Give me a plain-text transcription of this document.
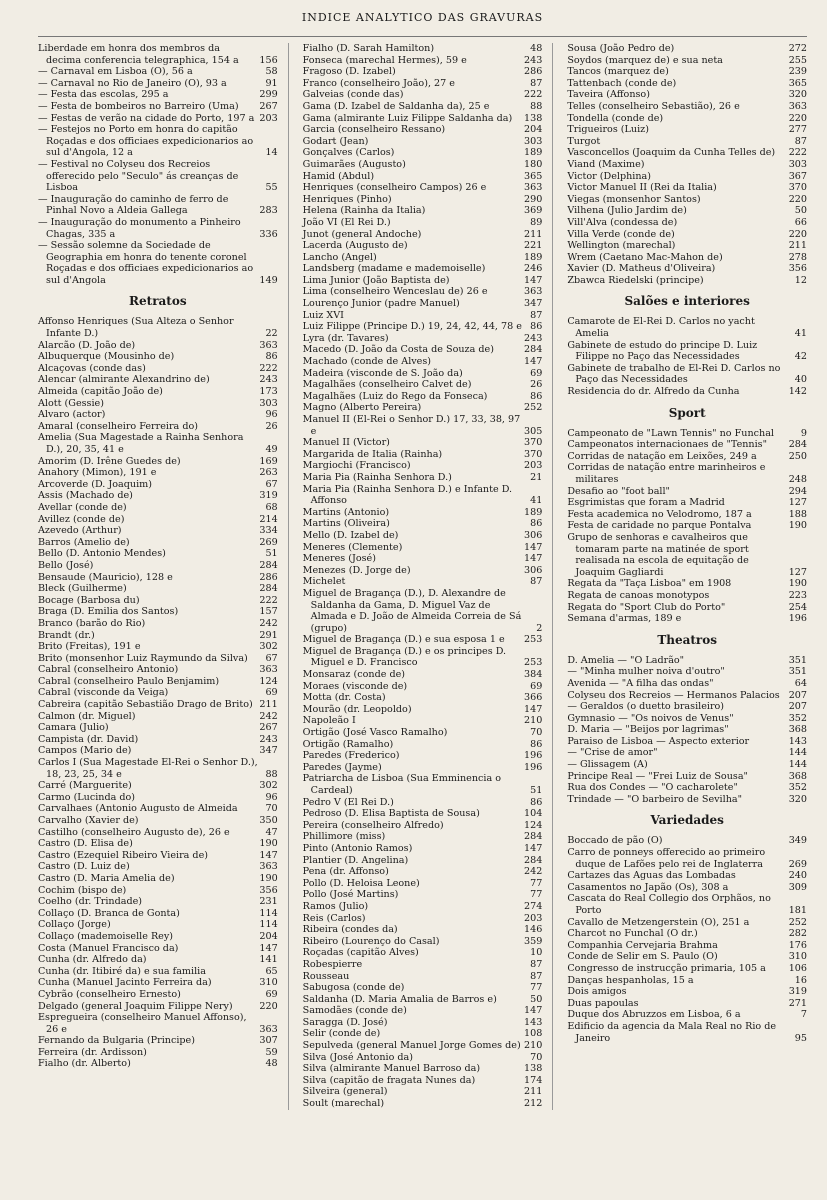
INDICE ANALYTICO DAS GRAVURAS
Liberdade em honra dos membros da decima conferencia telegraphica, 154 a 156
— Carnaval em Lisboa (O), 56 a	58
— Carnaval no Rio de Janeiro (O), 93 a	91
— Festa das escolas, 295 a	299
— Festa de bombeiros no Barreiro (Uma) 267
— Festas de verão na cidade do Porto, 197 a 203
— Festejos no Porto em honra do capitão Roçadas e dos officiaes expedicionarios ao sul d'Angola, 12 a	14
— Festival no Colyseu dos Recreios offerecido pelo "Seculo" ás creanças de Lisboa	55
— Inauguração do caminho de ferro de Pinhal Novo a Aldeia Gallega	283
— Inauguração do monumento a Pinheiro Chagas, 335 a	336
— Sessão solemne da Sociedade de Geographia em honra do tenente coronel Roçadas e dos officiaes expedicionarios ao sul d'Angola	149
Retratos
Affonso Henriques (Sua Alteza o Senhor Infante D.)	22
Alarcão (D. João de)	363
Albuquerque (Mousinho de)	86
Alcaçovas (conde das)	222
Alencar (almirante Alexandrino de)	243
Almeida (capitão João de)	173
Alott (Gessie)	303
Alvaro (actor)	96
Amaral (conselheiro Ferreira do)	26
Amelia (Sua Magestade a Rainha Senhora D.), 20, 35, 41 e	49
Amorim (D. Irêne Guedes de)	169
Anahory (Mimon), 191 e	263
Arcoverde (D. Joaquim)	67
Assis (Machado de)	319
Avellar (conde de)	68
Avillez (conde de)	214
Azevedo (Arthur)	334
Barros (Amelio de)	269
Bello (D. Antonio Mendes)	51
Bello (José)	284
Bensaude (Mauricio), 128 e	286
Bleck (Guilherme)	284
Bocage (Barbosa du)	222
Braga (D. Emilia dos Santos)	157
Branco (barão do Rio)	242
Brandt (dr.)	291
Brito (Freitas), 191 e	302
Brito (monsenhor Luiz Raymundo da Silva) 67
Cabral (conselheiro Antonio)	363
Cabral (conselheiro Paulo Benjamim)	124
Cabral (visconde da Veiga)	69
Cabreira (capitão Sebastião Drago de Brito) 211
Calmon (dr. Miguel)	242
Camara (Julio)	267
Campista (dr. David)	243
Campos (Mario de)	347
Carlos I (Sua Magestade El-Rei o Senhor D.), 18, 23, 25, 34 e	88
Carré (Marguerite)	302
Carmo (Lucinda do)	96
Carvalhaes (Antonio Augusto de Almeida	70
Carvalho (Xavier de)	350
Castilho (conselheiro Augusto de), 26 e	47
Castro (D. Elisa de)	190
Castro (Ezequiel Ribeiro Vieira de)	147
Castro (D. Luiz de)	363
Castro (D. Maria Amelia de)	190
Cochim (bispo de)	356
Coelho (dr. Trindade)	231
Collaço (D. Branca de Gonta)	114
Collaço (Jorge)	114
Collaço (mademoiselle Rey)	204
Costa (Manuel Francisco da)	147
Cunha (dr. Alfredo da)	141
Cunha (dr. Itibiré da) e sua familia	65
Cunha (Manuel Jacinto Ferreira da)	310
Cybrão (conselheiro Ernesto)	69
Delgado (general Joaquim Filippe Nery)	220
Espregueira (conselheiro Manuel Affonso), 26 e	363
Fernando da Bulgaria (Principe)	307
Ferreira (dr. Ardisson)	59
Fialho (dr. Alberto)	48
Fialho (D. Sarah Hamilton)	48
Fonseca (marechal Hermes), 59 e	243
Fragoso (D. Izabel)	286
Franco (conselheiro João), 27 e	87
Galveias (conde das)	222
Gama (D. Izabel de Saldanha da), 25 e	88
Gama (almirante Luiz Filippe Saldanha da) 138
Garcia (conselheiro Ressano)	204
Godart (Jean)	303
Gonçalves (Carlos)	189
Guimarães (Augusto)	180
Hamid (Abdul)	365
Henriques (conselheiro Campos) 26 e	363
Henriques (Pinho)	290
Helena (Rainha da Italia)	369
João VI (El Rei D.)	89
Junot (general Andoche)	211
Lacerda (Augusto de)	221
Lancho (Angel)	189
Landsberg (madame e mademoiselle)	246
Lima Junior (João Baptista de)	147
Lima (conselheiro Wenceslau de) 26 e	363
Lourenço Junior (padre Manuel)	347
Luiz XVI	87
Luiz Filippe (Principe D.) 19, 24, 42, 44, 78 e 86
Lyra (dr. Tavares)	243
Macedo (D. João da Costa de Souza de)	284
Machado (conde de Alves)	147
Madeira (visconde de S. João da)	69
Magalhães (conselheiro Calvet de)	26
Magalhães (Luiz do Rego da Fonseca)	86
Magno (Alberto Pereira)	252
Manuel II (El-Rei o Senhor D.) 17, 33, 38, 97 e	305
Manuel II (Victor)	370
Margarida de Italia (Rainha)	370
Margiochi (Francisco)	203
Maria Pia (Rainha Senhora D.)	21
Maria Pia (Rainha Senhora D.) e Infante D. Affonso	41
Martins (Antonio)	189
Martins (Oliveira)	86
Mello (D. Izabel de)	306
Meneres (Clemente)	147
Meneres (José)	147
Menezes (D. Jorge de)	306
Michelet	87
Miguel de Bragança (D.), D. Alexandre de Saldanha da Gama, D. Miguel Vaz de Almada e D. João de Almeida Correia de Sá (grupo)	2
Miguel de Bragança (D.) e sua esposa 1 e 253
Miguel de Bragança (D.) e os principes D. Miguel e D. Francisco	253
Monsaraz (conde de)	384
Moraes (visconde de)	69
Motta (dr. Costa)	366
Mourão (dr. Leopoldo)	147
Napoleão I	210
Ortigão (José Vasco Ramalho)	70
Ortigão (Ramalho)	86
Paredes (Frederico)	196
Paredes (Jayme)	196
Patriarcha de Lisboa (Sua Emminencia o Cardeal)	51
Pedro V (El Rei D.)	86
Pedroso (D. Elisa Baptista de Sousa)	104
Pereira (conselheiro Alfredo)	124
Phillimore (miss)	284
Pinto (Antonio Ramos)	147
Plantier (D. Angelina)	284
Pena (dr. Affonso)	242
Pollo (D. Heloisa Leone)	77
Pollo (José Martins)	77
Ramos (Julio)	274
Reis (Carlos)	203
Ribeira (condes da)	146
Ribeiro (Lourenço do Casal)	359
Roçadas (capitão Alves)	10
Robespierre	87
Rousseau	87
Sabugosa (conde de)	77
Saldanha (D. Maria Amalia de Barros e)	50
Samodães (conde de)	147
Saragga (D. José)	143
Selir (conde de)	108
Sepulveda (general Manuel Jorge Gomes de) 210
Silva (José Antonio da)	70
Silva (almirante Manuel Barroso da)	138
Silva (capitão de fragata Nunes da)	174
Silveira (general)	211
Soult (marechal)	212
Sousa (João Pedro de)	272
Soydos (marquez de) e sua neta	255
Tancos (marquez de)	239
Tattenbach (conde de)	365
Taveira (Affonso)	320
Telles (conselheiro Sebastião), 26 e	363
Tondella (conde de)	220
Trigueiros (Luiz)	277
Turgot	87
Vasconcellos (Joaquim da Cunha Telles de) 222
Viand (Maxime)	303
Victor (Delphina)	367
Victor Manuel II (Rei da Italia)	370
Viegas (monsenhor Santos)	220
Vilhena (Julio Jardim de)	50
Vill'Alva (condessa de)	66
Villa Verde (conde de)	220
Wellington (marechal)	211
Wrem (Caetano Mac-Mahon de)	278
Xavier (D. Matheus d'Oliveira)	356
Zbawca Riedelski (principe)	12
Salões e interiores
Camarote de El-Rei D. Carlos no yacht Amelia	41
Gabinete de estudo do principe D. Luiz Filippe no Paço das Necessidades	42
Gabinete de trabalho de El-Rei D. Carlos no Paço das Necessidades	40
Residencia do dr. Alfredo da Cunha	142
Sport
Campeonato de "Lawn Tennis" no Funchal	9
Campeonatos internacionaes de "Tennis" 284
Corridas de natação em Leixões, 249 a	250
Corridas de natação entre marinheiros e militares	248
Desafio ao "foot ball"	294
Esgrimistas que foram a Madrid	127
Festa academica no Velodromo, 187 a	188
Festa de caridade no parque Pontalva	190
Grupo de senhoras e cavalheiros que tomaram parte na matinée de sport realisada na escola de equitação de Joaquim Gagliardi	127
Regata da "Taça Lisboa" em 1908	190
Regata de canoas monotypos	223
Regata do "Sport Club do Porto"	254
Semana d'armas, 189 e	196
Theatros
D. Amelia — "O Ladrão"	351
— "Minha mulher noiva d'outro"	351
Avenida — "A filha das ondas"	64
Colyseu dos Recreios — Hermanos Palacios 207
— Geraldos (o duetto brasileiro)	207
Gymnasio — "Os noivos de Venus"	352
D. Maria — "Beijos por lagrimas"	368
Paraiso de Lisboa — Aspecto exterior	143
— "Crise de amor"	144
— Glissagem (A)	144
Principe Real — "Frei Luiz de Sousa"	368
Rua dos Condes — "O cacharolete"	352
Trindade — "O barbeiro de Sevilha"	320
Variedades
Boccado de pão (O)	349
Carro de ponneys offerecido ao primeiro duque de Lafões pelo rei de Inglaterra	269
Cartazes das Aguas das Lombadas	240
Casamentos no Japão (Os), 308 a	309
Cascata do Real Collegio dos Orphãos, no Porto	181
Cavallo de Metzengerstein (O), 251 a	252
Charcot no Funchal (O dr.)	282
Companhia Cervejaria Brahma	176
Conde de Selir em S. Paulo (O)	310
Congresso de instrucção primaria, 105 a 106
Danças hespanholas, 15 a	16
Dois amigos	319
Duas papoulas	271
Duque dos Abruzzos em Lisboa, 6 a	7
Edificio da agencia da Mala Real no Rio de Janeiro	95
